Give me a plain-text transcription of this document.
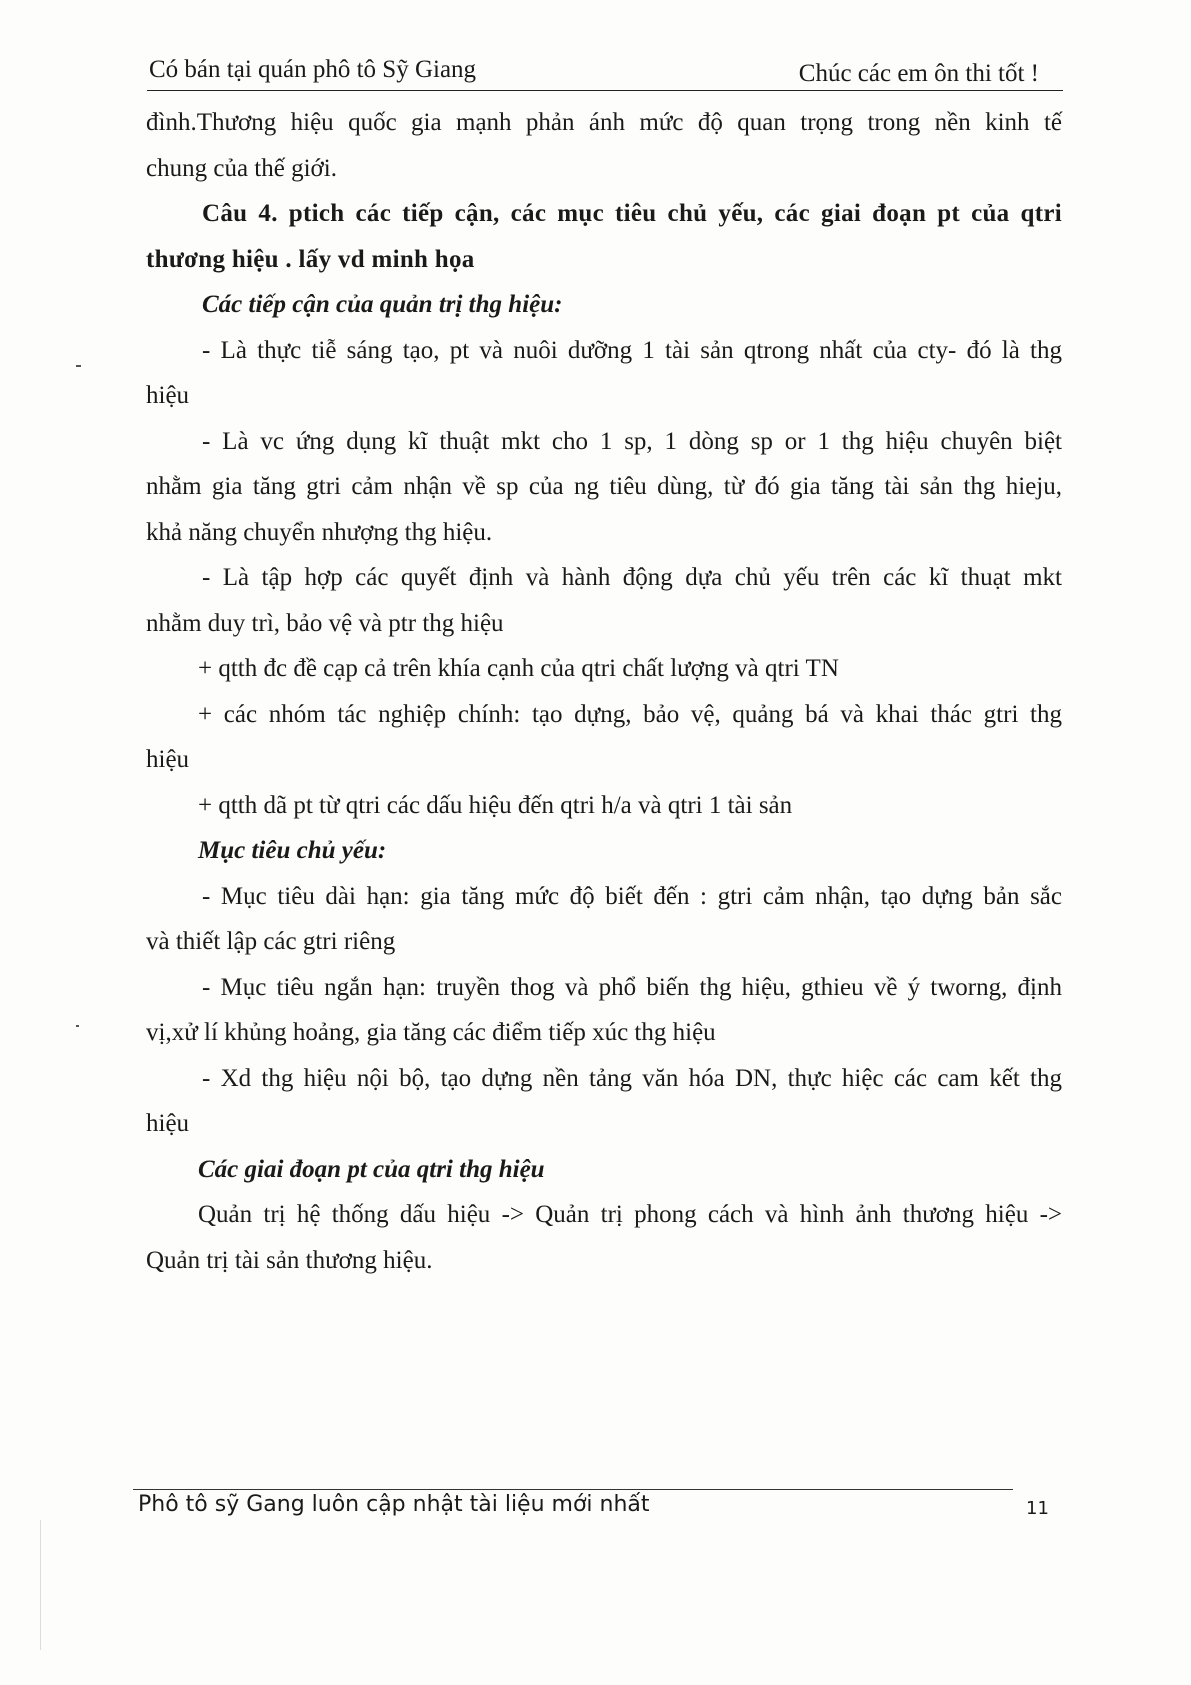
Có bán tại quán phô tô Sỹ Giang	Chúc các em ôn thi tốt !

đình.Thương hiệu quốc gia mạnh phản ánh mức độ quan trọng trong nền kinh tế

chung của thế giới.

Câu 4. ptich các tiếp cận, các mục tiêu chủ yếu, các giai đoạn pt của qtri

thương hiệu . lấy vd minh họa

Các tiếp cận của quản trị thg hiệu:

- Là thực tiễ sáng tạo, pt và nuôi dưỡng 1 tài sản qtrong nhất của cty- đó là thg

hiệu

- Là vc ứng dụng kĩ thuật mkt cho 1 sp, 1 dòng sp or 1 thg hiệu chuyên biệt

nhằm gia tăng gtri cảm nhận về sp của ng tiêu dùng, từ đó gia tăng tài sản thg hieju,

khả năng chuyển nhượng thg hiệu.

- Là tập hợp các quyết định và hành động dựa chủ yếu trên các kĩ thuạt mkt

nhằm duy trì, bảo vệ và ptr thg hiệu

+ qtth đc đề cạp cả trên khía cạnh của qtri chất lượng và qtri TN

+ các nhóm tác nghiệp chính: tạo dựng, bảo vệ, quảng bá và khai thác gtri thg

hiệu

+ qtth dã pt từ qtri các dấu hiệu đến qtri h/a và qtri 1 tài sản

Mục tiêu chủ yếu:

- Mục tiêu dài hạn: gia tăng mức độ biết đến : gtri cảm nhận, tạo dựng bản sắc

và thiết lập các gtri riêng

- Mục tiêu ngắn hạn: truyền thog và phổ biến thg hiệu, gthieu về ý tworng, định

vị,xử lí khủng hoảng, gia tăng các điểm tiếp xúc thg hiệu

- Xd thg hiệu nội bộ, tạo dựng nền tảng văn hóa DN, thực hiệc các cam kết thg

hiệu

Các giai đoạn pt của qtri thg hiệu

Quản trị hệ thống dấu hiệu -> Quản trị phong cách và hình ảnh thương hiệu ->

Quản trị tài sản thương hiệu.

Phô tô sỹ Gang luôn cập nhật tài liệu mới nhất	11
